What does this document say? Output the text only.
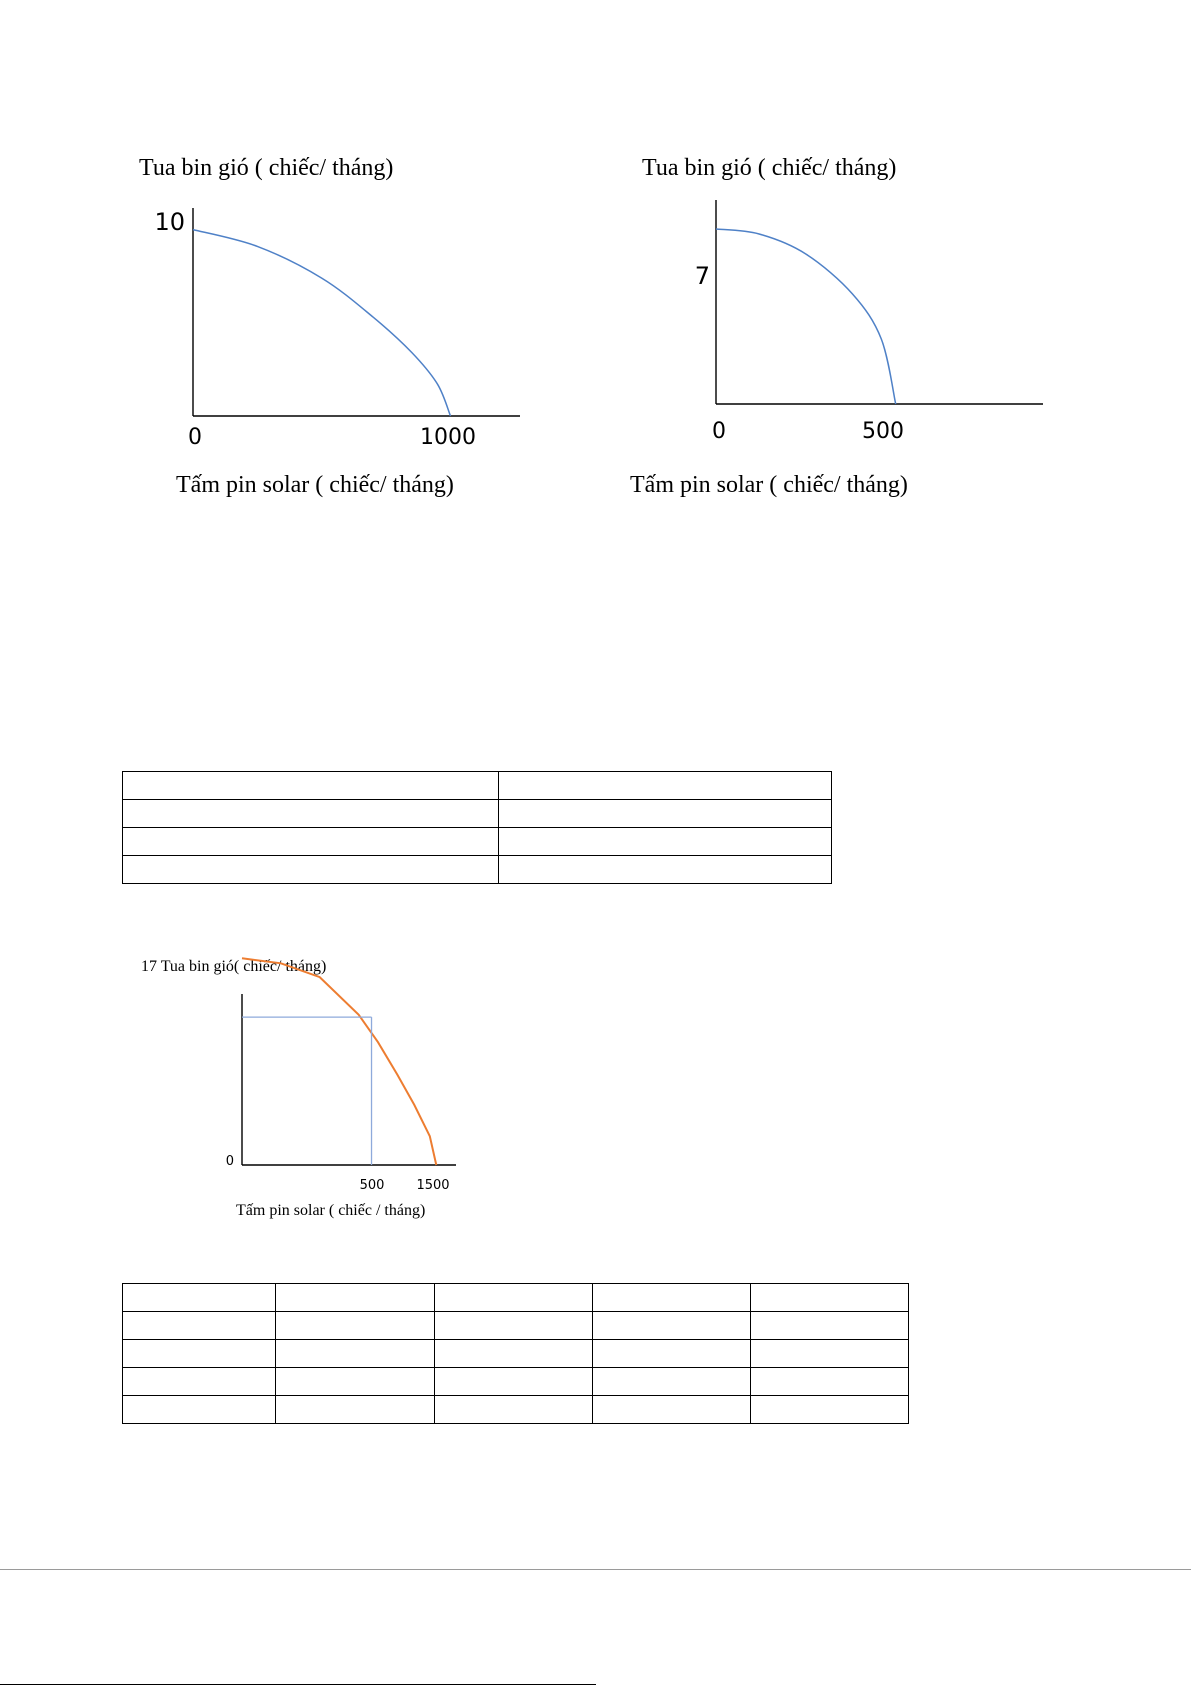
Tua bin gió ( chiếc/ tháng)
0	1000
10
Tấm pin solar ( chiếc/ tháng)
Tua bin gió ( chiếc/ tháng)
0	500
7
Tấm pin solar ( chiếc/ tháng)
17 Tua bin gió( chiếc/ tháng)
500 1500
0
Tấm pin solar ( chiếc / tháng)
